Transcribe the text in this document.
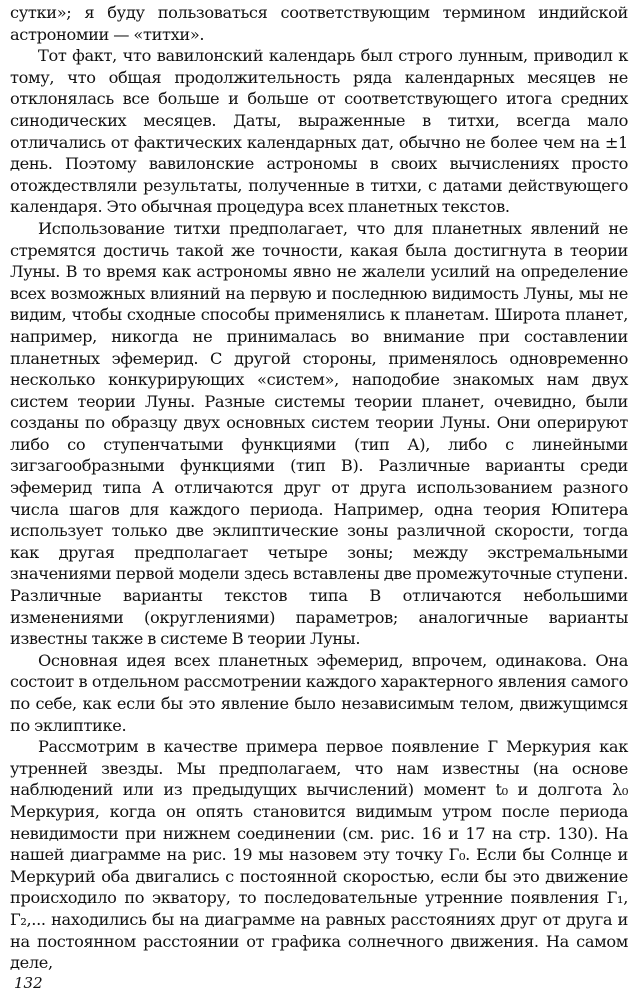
сутки»; я буду пользоваться соответствующим термином индийской астрономии — «титхи».

Тот факт, что вавилонский календарь был строго лунным, приводил к тому, что общая продолжительность ряда календарных месяцев не отклонялась все больше и больше от соответствующего итога средних синодических месяцев. Даты, выраженные в титхи, всегда мало отличались от фактических календарных дат, обычно не более чем на ±1 день. Поэтому вавилонские астрономы в своих вычислениях просто отождествляли результаты, полученные в титхи, с датами действующего календаря. Это обычная процедура всех планетных текстов.

Использование титхи предполагает, что для планетных явлений не стремятся достичь такой же точности, какая была достигнута в теории Луны. В то время как астрономы явно не жалели усилий на определение всех возможных влияний на первую и последнюю видимость Луны, мы не видим, чтобы сходные способы применялись к планетам. Широта планет, например, никогда не принималась во внимание при составлении планетных эфемерид. С другой стороны, применялось одновременно несколько конкурирующих «систем», наподобие знакомых нам двух систем теории Луны. Разные системы теории планет, очевидно, были созданы по образцу двух основных систем теории Луны. Они оперируют либо со ступенчатыми функциями (тип А), либо с линейными зигзагообразными функциями (тип В). Различные варианты среди эфемерид типа А отличаются друг от друга использованием разного числа шагов для каждого периода. Например, одна теория Юпитера использует только две эклиптические зоны различной скорости, тогда как другая предполагает четыре зоны; между экстремальными значениями первой модели здесь вставлены две промежуточные ступени. Различные варианты текстов типа В отличаются небольшими изменениями (округлениями) параметров; аналогичные варианты известны также в системе В теории Луны.

Основная идея всех планетных эфемерид, впрочем, одинакова. Она состоит в отдельном рассмотрении каждого характерного явления самого по себе, как если бы это явление было независимым телом, движущимся по эклиптике.

Рассмотрим в качестве примера первое появление Г Меркурия как утренней звезды. Мы предполагаем, что нам известны (на основе наблюдений или из предыдущих вычислений) момент t₀ и долгота λ₀ Меркурия, когда он опять становится видимым утром после периода невидимости при нижнем соединении (см. рис. 16 и 17 на стр. 130). На нашей диаграмме на рис. 19 мы назовем эту точку Г₀. Если бы Солнце и Меркурий оба двигались с постоянной скоростью, если бы это движение происходило по экватору, то последовательные утренние появления Г₁, Г₂,... находились бы на диаграмме на равных расстояниях друг от друга и на постоянном расстоянии от графика солнечного движения. На самом деле,

132
